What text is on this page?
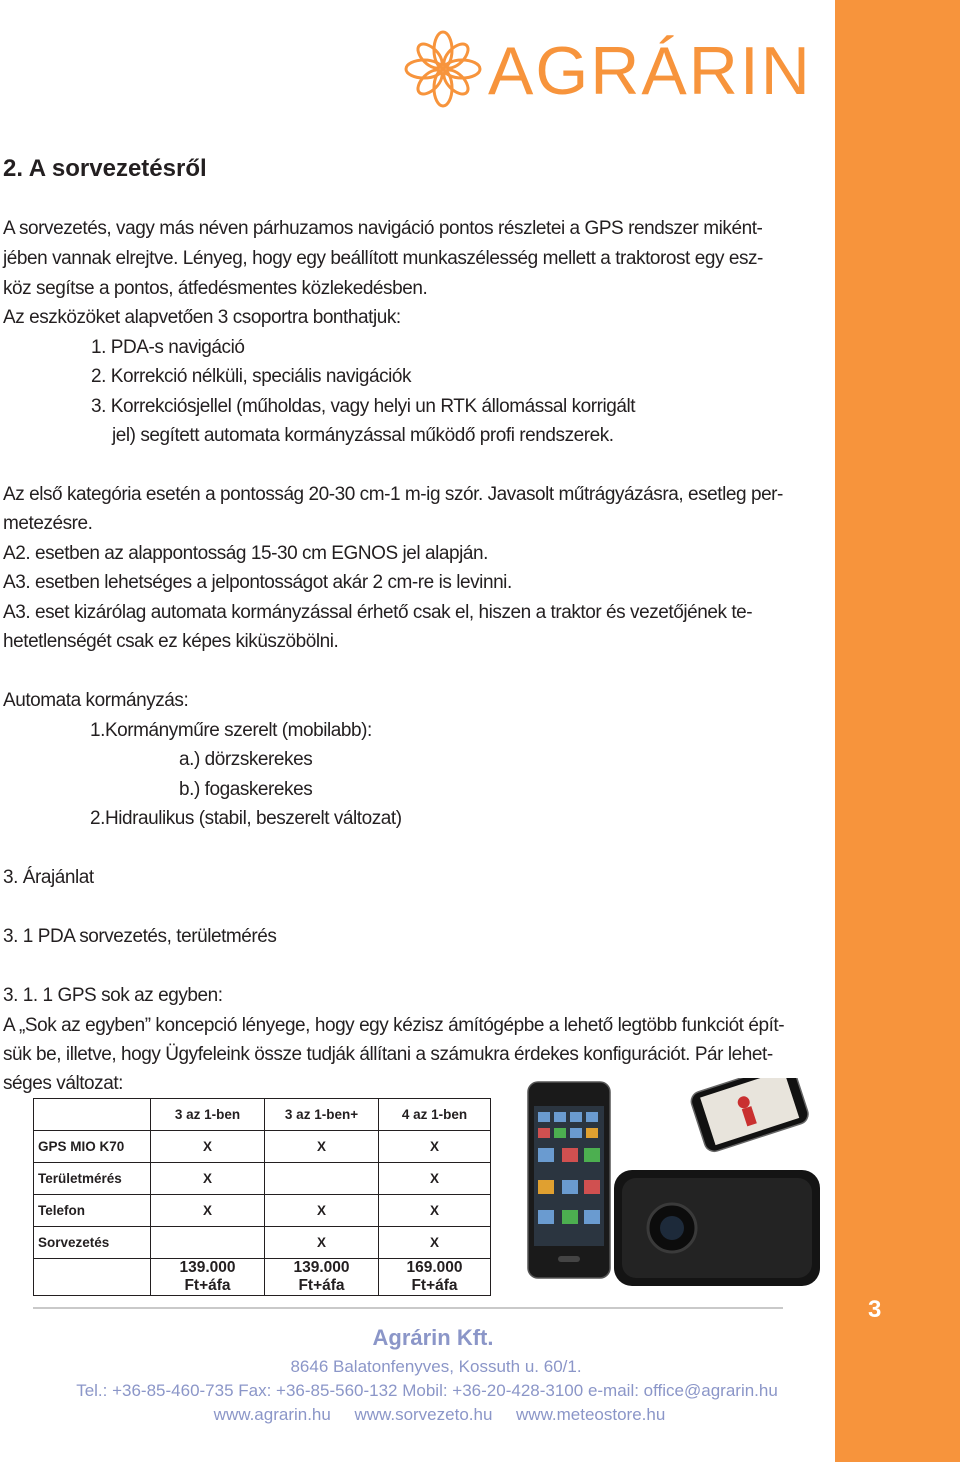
3
AGRÁRIN
2. A sorvezetésről
A sorvezetés, vagy más néven párhuzamos navigáció pontos részletei a GPS rendszer miként-
jében vannak elrejtve. Lényeg, hogy egy beállított munkaszélesség mellett a traktorost egy esz-
köz segítse a pontos, átfedésmentes közlekedésben.
Az eszközöket alapvetően 3 csoportra bonthatjuk:
1. PDA-s navigáció
2. Korrekció nélküli, speciális navigációk
3. Korrekciósjellel (műholdas, vagy helyi un RTK állomással korrigált
jel) segített automata kormányzással működő profi rendszerek.
Az első kategória esetén a pontosság 20-30 cm-1 m-ig szór. Javasolt műtrágyázásra, esetleg per-
metezésre.
A2. esetben az alappontosság 15-30 cm EGNOS jel alapján.
A3. esetben lehetséges a jelpontosságot akár 2 cm-re is levinni.
A3. eset kizárólag automata kormányzással érhető csak el, hiszen a traktor és vezetőjének te-
hetetlenségét csak ez képes kiküszöbölni.
Automata kormányzás:
1.Kormányműre szerelt (mobilabb):
a.) dörzskerekes
b.) fogaskerekes
2.Hidraulikus (stabil, beszerelt változat)
3. Árajánlat
3. 1 PDA sorvezetés, területmérés
3. 1. 1 GPS sok az egyben:
A „Sok az egyben” koncepció lényege, hogy egy kézisz ámítógépbe a lehető legtöbb funkciót épít-
sük be, illetve, hogy Ügyfeleink össze tudják állítani a számukra érdekes konfigurációt. Pár lehet-
séges változat:
	3 az 1-ben	3 az 1-ben+	4 az 1-ben
GPS MIO K70	X	X	X
Területmérés	X		X
Telefon	X	X	X
Sorvezetés		X	X
	139.000 Ft+áfa	139.000 Ft+áfa	169.000 Ft+áfa
Agrárin Kft.
8646 Balatonfenyves, Kossuth u. 60/1.
Tel.: +36-85-460-735 Fax: +36-85-560-132 Mobil: +36-20-428-3100 e-mail: office@agrarin.hu
www.agrarin.hu     www.sorvezeto.hu     www.meteostore.hu
